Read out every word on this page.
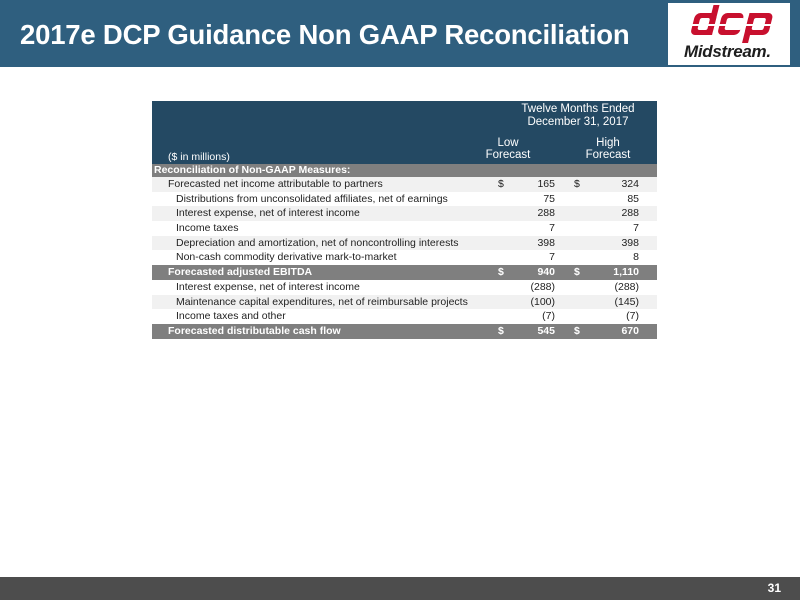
2017e DCP Guidance Non GAAP Reconciliation
Midstream.
Twelve Months Ended December 31, 2017
Low
Forecast
High
Forecast
($ in millions)
Reconciliation of Non-GAAP Measures:
Forecasted net income attributable to partners	$	165 $	324
Distributions from unconsolidated affiliates, net of earnings	75	85
Interest expense, net of interest income	288	288
Income taxes	7	7
Depreciation and amortization, net of noncontrolling interests	398	398
Non-cash commodity derivative mark-to-market	7	8
Forecasted adjusted EBITDA	$	940 $	1,110
Interest expense, net of interest income	(288)	(288)
Maintenance capital expenditures, net of reimbursable projects	(100)	(145)
Income taxes and other	(7)	(7)
Forecasted distributable cash flow	$	545 $	670
31
